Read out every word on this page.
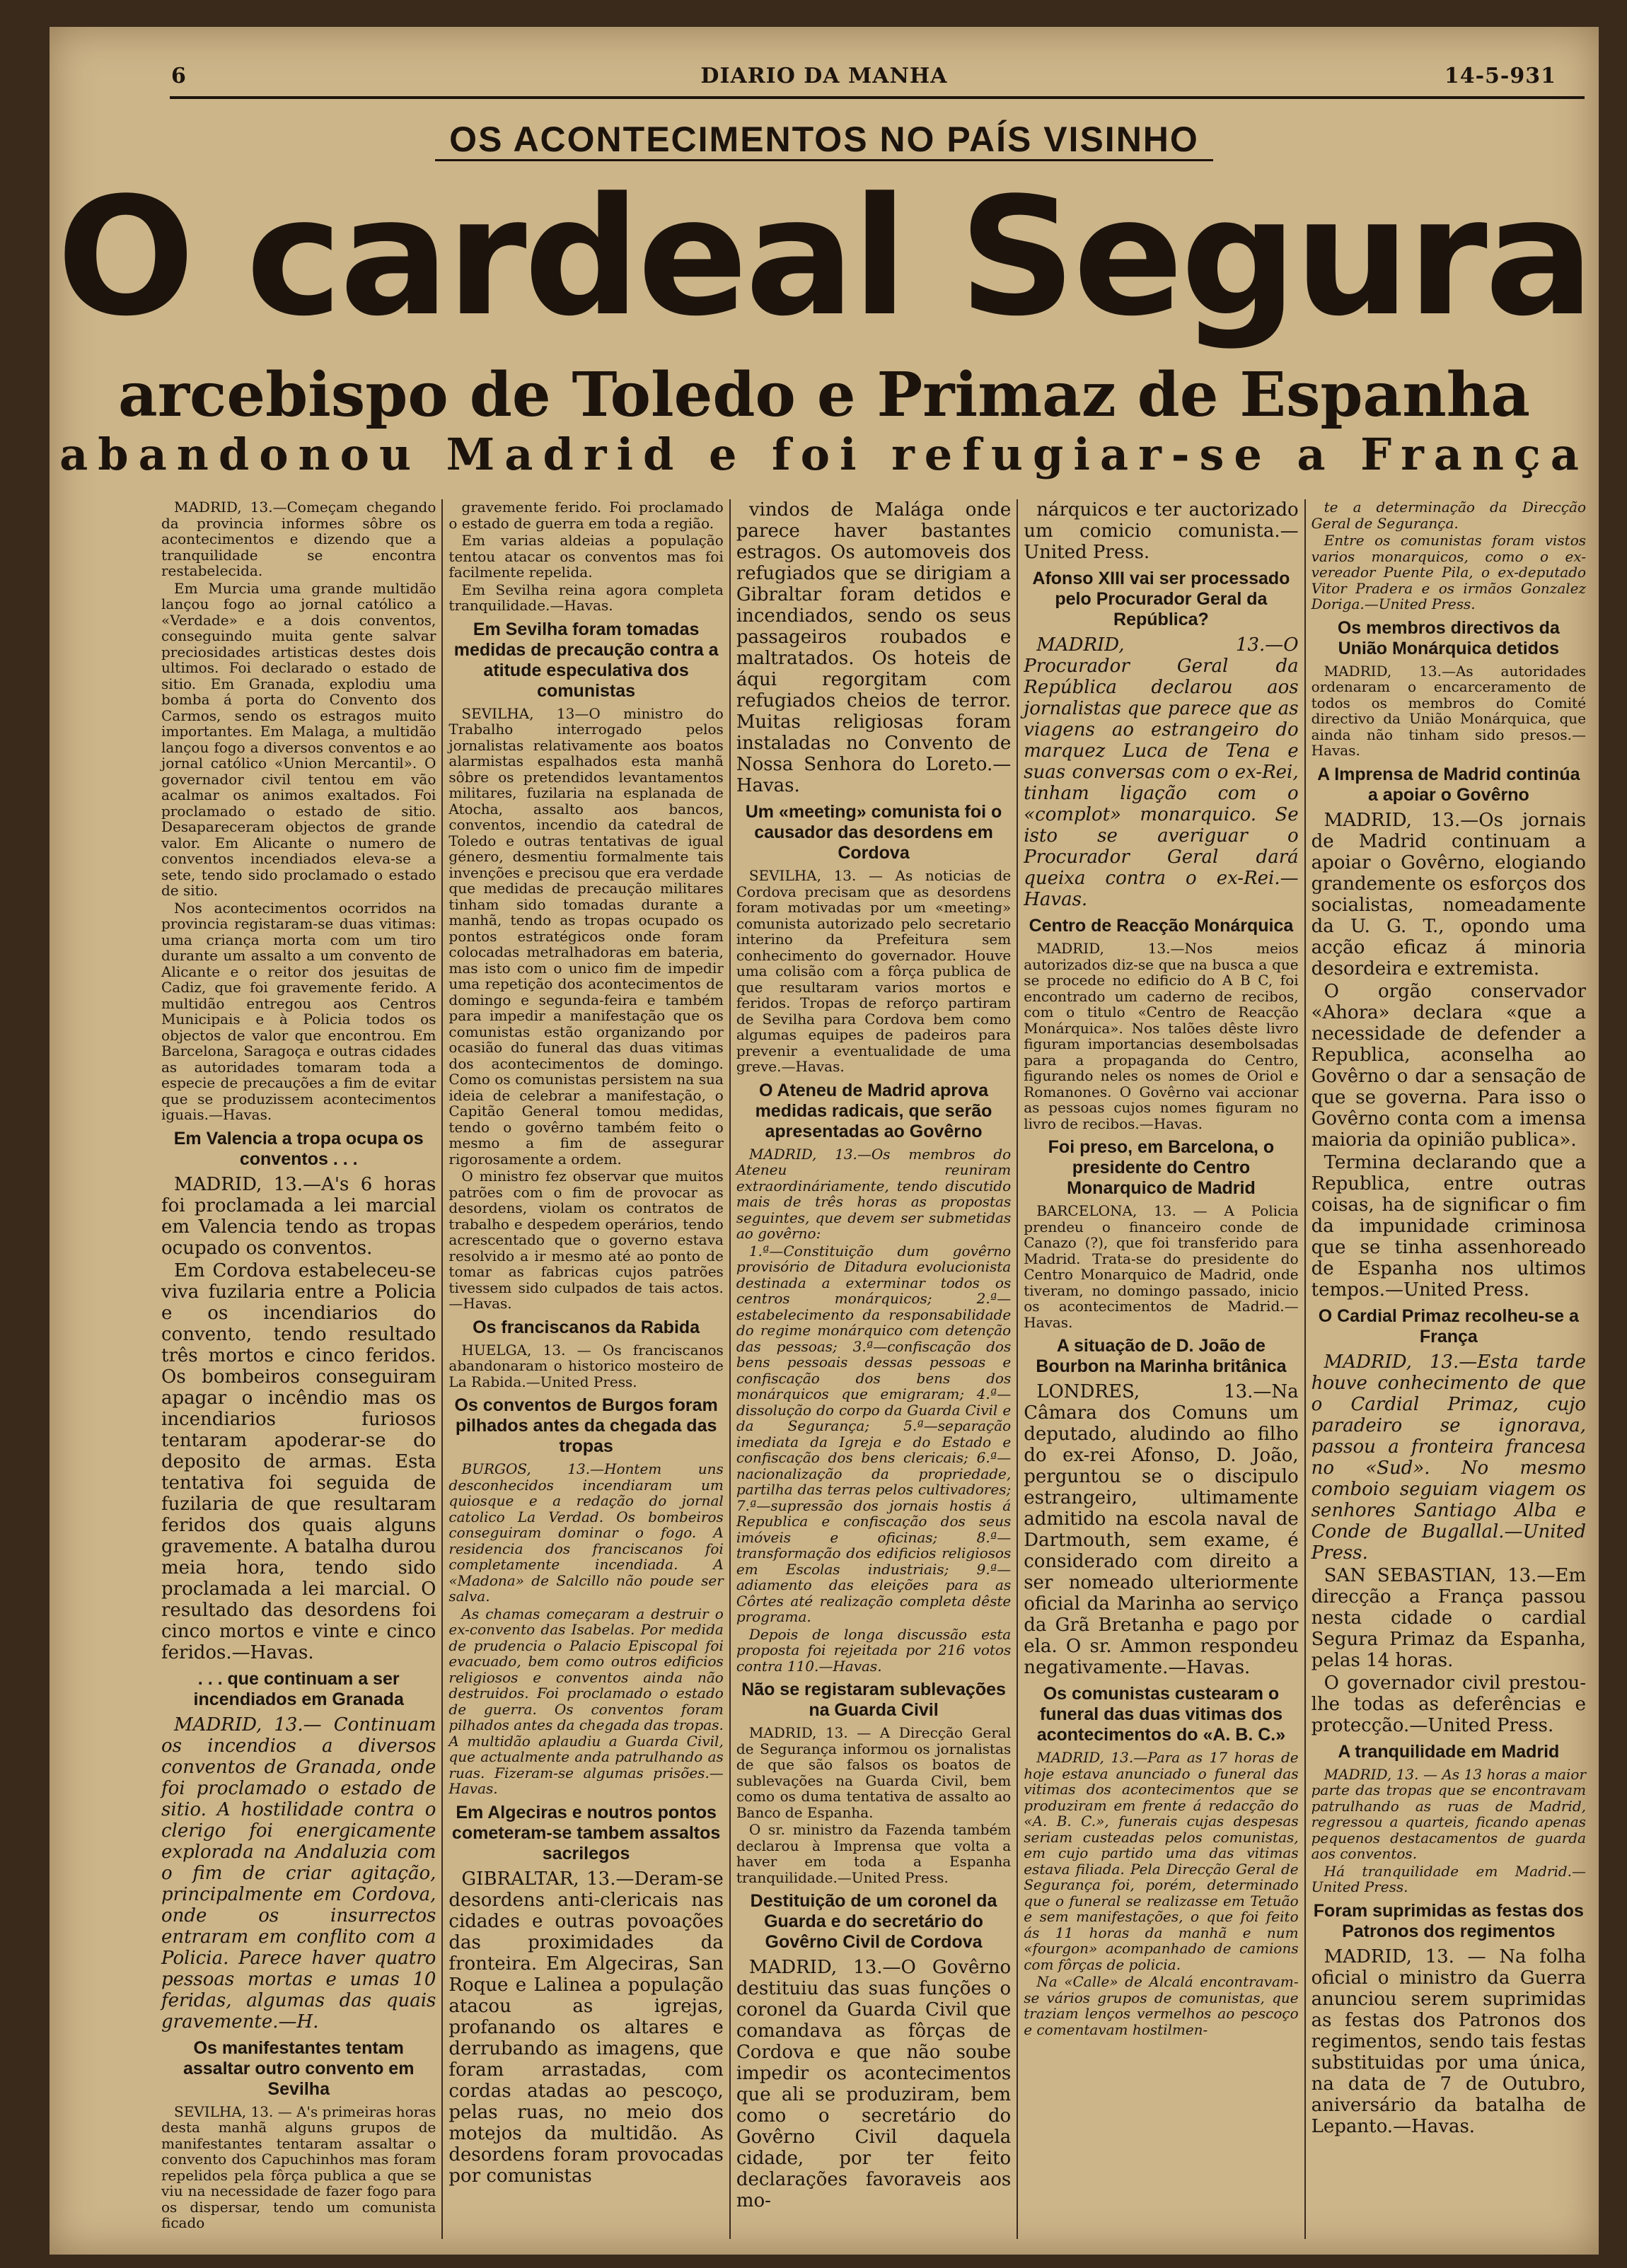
6	DIARIO DA MANHA	14-5-931
OS ACONTECIMENTOS NO PAÍS VISINHO
O cardeal Segura
arcebispo de Toledo e Primaz de Espanha
abandonou Madrid e foi refugiar-se a França

MADRID, 13.—Começam chegando da provincia informes sôbre os acontecimentos e dizendo que a tranquilidade se encontra restabelecida.

Em Murcia uma grande multidão lançou fogo ao jornal católico a «Verdade» e a dois conventos, conseguindo muita gente salvar preciosidades artisticas destes dois ultimos. Foi declarado o estado de sitio. Em Granada, explodiu uma bomba á porta do Convento dos Carmos, sendo os estragos muito importantes. Em Malaga, a multidão lançou fogo a diversos conventos e ao jornal católico «Union Mercantil». O governador civil tentou em vão acalmar os animos exaltados. Foi proclamado o estado de sitio. Desapareceram objectos de grande valor. Em Alicante o numero de conventos incendiados eleva-se a sete, tendo sido proclamado o estado de sitio.

Nos acontecimentos ocorridos na provincia registaram-se duas vitimas: uma criança morta com um tiro durante um assalto a um convento de Alicante e o reitor dos jesuitas de Cadiz, que foi gravemente ferido. A multidão entregou aos Centros Municipais e à Policia todos os objectos de valor que encontrou. Em Barcelona, Saragoça e outras cidades as autoridades tomaram toda a especie de precauções a fim de evitar que se produzissem acontecimentos iguais.—Havas.

Em Valencia a tropa ocupa os conventos . . .

MADRID, 13.—A's 6 horas foi proclamada a lei marcial em Valencia tendo as tropas ocupado os conventos.

Em Cordova estabeleceu-se viva fuzilaria entre a Policia e os incendiarios do convento, tendo resultado três mortos e cinco feridos. Os bombeiros conseguiram apagar o incêndio mas os incendiarios furiosos tentaram apoderar-se do deposito de armas. Esta tentativa foi seguida de fuzilaria de que resultaram feridos dos quais alguns gravemente. A batalha durou meia hora, tendo sido proclamada a lei marcial. O resultado das desordens foi cinco mortos e vinte e cinco feridos.—Havas.

. . . que continuam a ser incendiados em Granada

MADRID, 13.— Continuam os incendios a diversos conventos de Granada, onde foi proclamado o estado de sitio. A hostilidade contra o clerigo foi energicamente explorada na Andaluzia com o fim de criar agitação, principalmente em Cordova, onde os insurrectos entraram em conflito com a Policia. Parece haver quatro pessoas mortas e umas 10 feridas, algumas das quais gravemente.—H.

Os manifestantes tentam assaltar outro convento em Sevilha

SEVILHA, 13. — A's primeiras horas desta manhã alguns grupos de manifestantes tentaram assaltar o convento dos Capuchinhos mas foram repelidos pela fôrça publica a que se viu na necessidade de fazer fogo para os dispersar, tendo um comunista ficado

gravemente ferido. Foi proclamado o estado de guerra em toda a região.

Em varias aldeias a população tentou atacar os conventos mas foi facilmente repelida.

Em Sevilha reina agora completa tranquilidade.—Havas.

Em Sevilha foram tomadas medidas de precaução contra a atitude especulativa dos comunistas

SEVILHA, 13—O ministro do Trabalho interrogado pelos jornalistas relativamente aos boatos alarmistas espalhados esta manhã sôbre os pretendidos levantamentos militares, fuzilaria na esplanada de Atocha, assalto aos bancos, conventos, incendio da catedral de Toledo e outras tentativas de igual género, desmentiu formalmente tais invenções e precisou que era verdade que medidas de precaução militares tinham sido tomadas durante a manhã, tendo as tropas ocupado os pontos estratégicos onde foram colocadas metralhadoras em bateria, mas isto com o unico fim de impedir uma repetição dos acontecimentos de domingo e segunda-feira e também para impedir a manifestação que os comunistas estão organizando por ocasião do funeral das duas vitimas dos acontecimentos de domingo. Como os comunistas persistem na sua ideia de celebrar a manifestação, o Capitão General tomou medidas, tendo o govêrno também feito o mesmo a fim de assegurar rigorosamente a ordem.

O ministro fez observar que muitos patrões com o fim de provocar as desordens, violam os contratos de trabalho e despedem operários, tendo acrescentado que o governo estava resolvido a ir mesmo até ao ponto de tomar as fabricas cujos patrões tivessem sido culpados de tais actos.—Havas.

Os franciscanos da Rabida

HUELGA, 13. — Os franciscanos abandonaram o historico mosteiro de La Rabida.—United Press.

Os conventos de Burgos foram pilhados antes da chegada das tropas

BURGOS, 13.—Hontem uns desconhecidos incendiaram um quiosque e a redação do jornal catolico La Verdad. Os bombeiros conseguiram dominar o fogo. A residencia dos franciscanos foi completamente incendiada. A «Madona» de Salcillo não poude ser salva.

As chamas começaram a destruir o ex-convento das Isabelas. Por medida de prudencia o Palacio Episcopal foi evacuado, bem como outros edificios religiosos e conventos ainda não destruidos. Foi proclamado o estado de guerra. Os conventos foram pilhados antes da chegada das tropas. A multidão aplaudiu a Guarda Civil, que actualmente anda patrulhando as ruas. Fizeram-se algumas prisões.—Havas.

Em Algeciras e noutros pontos cometeram-se tambem assaltos sacrilegos

GIBRALTAR, 13.—Deram-se desordens anti-clericais nas cidades e outras povoações das proximidades da fronteira. Em Algeciras, San Roque e Lalinea a população atacou as igrejas, profanando os altares e derrubando as imagens, que foram arrastadas, com cordas atadas ao pescoço, pelas ruas, no meio dos motejos da multidão. As desordens foram provocadas por comunistas

vindos de Malága onde parece haver bastantes estragos. Os automoveis dos refugiados que se dirigiam a Gibraltar foram detidos e incendiados, sendo os seus passageiros roubados e maltratados. Os hoteis de áqui regorgitam com refugiados cheios de terror. Muitas religiosas foram instaladas no Convento de Nossa Senhora do Loreto.—Havas.

Um «meeting» comunista foi o causador das desordens em Cordova

SEVILHA, 13. — As noticias de Cordova precisam que as desordens foram motivadas por um «meeting» comunista autorizado pelo secretario interino da Prefeitura sem conhecimento do governador. Houve uma colisão com a fôrça publica de que resultaram varios mortos e feridos. Tropas de reforço partiram de Sevilha para Cordova bem como algumas equipes de padeiros para prevenir a eventualidade de uma greve.—Havas.

O Ateneu de Madrid aprova medidas radicais, que serão apresentadas ao Govêrno

MADRID, 13.—Os membros do Ateneu reuniram extraordináriamente, tendo discutido mais de três horas as propostas seguintes, que devem ser submetidas ao govêrno:

1.ª—Constituição dum govêrno provisório de Ditadura evolucionista destinada a exterminar todos os centros monárquicos; 2.ª—estabelecimento da responsabilidade do regime monárquico com detenção das pessoas; 3.ª—confiscação dos bens pessoais dessas pessoas e confiscação dos bens dos monárquicos que emigraram; 4.ª—dissolução do corpo da Guarda Civil e da Segurança; 5.ª—separação imediata da Igreja e do Estado e confiscação dos bens clericais; 6.ª—nacionalização da propriedade, partilha das terras pelos cultivadores; 7.ª—supressão dos jornais hostis á Republica e confiscação dos seus imóveis e oficinas; 8.ª—transformação dos edificios religiosos em Escolas industriais; 9.ª—adiamento das eleições para as Côrtes até realização completa dêste programa.

Depois de longa discussão esta proposta foi rejeitada por 216 votos contra 110.—Havas.

Não se registaram sublevações na Guarda Civil

MADRID, 13. — A Direcção Geral de Segurança informou os jornalistas de que são falsos os boatos de sublevações na Guarda Civil, bem como os duma tentativa de assalto ao Banco de Espanha.

O sr. ministro da Fazenda também declarou à Imprensa que volta a haver em toda a Espanha tranquilidade.—United Press.

Destituição de um coronel da Guarda e do secretário do Govêrno Civil de Cordova

MADRID, 13.—O Govêrno destituiu das suas funções o coronel da Guarda Civil que comandava as fôrças de Cordova e que não soube impedir os acontecimentos que ali se produziram, bem como o secretário do Govêrno Civil daquela cidade, por ter feito declarações favoraveis aos mo-

nárquicos e ter auctorizado um comicio comunista.—United Press.

Afonso XIII vai ser processado pelo Procurador Geral da República?

MADRID, 13.—O Procurador Geral da República declarou aos jornalistas que parece que as viagens ao estrangeiro do marquez Luca de Tena e suas conversas com o ex-Rei, tinham ligação com o «complot» monarquico. Se isto se averiguar o Procurador Geral dará queixa contra o ex-Rei.—Havas.

Centro de Reacção Monárquica

MADRID, 13.—Nos meios autorizados diz-se que na busca a que se procede no edificio do A B C, foi encontrado um caderno de recibos, com o titulo «Centro de Reacção Monárquica». Nos talões dêste livro figuram importancias desembolsadas para a propaganda do Centro, figurando neles os nomes de Oriol e Romanones. O Govêrno vai accionar as pessoas cujos nomes figuram no livro de recibos.—Havas.

Foi preso, em Barcelona, o presidente do Centro Monarquico de Madrid

BARCELONA, 13. — A Policia prendeu o financeiro conde de Canazo (?), que foi transferido para Madrid. Trata-se do presidente do Centro Monarquico de Madrid, onde tiveram, no domingo passado, inicio os acontecimentos de Madrid.—Havas.

A situação de D. João de Bourbon na Marinha britânica

LONDRES, 13.—Na Câmara dos Comuns um deputado, aludindo ao filho do ex-rei Afonso, D. João, perguntou se o discipulo estrangeiro, ultimamente admitido na escola naval de Dartmouth, sem exame, é considerado com direito a ser nomeado ulteriormente oficial da Marinha ao serviço da Grã Bretanha e pago por ela. O sr. Ammon respondeu negativamente.—Havas.

Os comunistas custearam o funeral das duas vitimas dos acontecimentos do «A. B. C.»

MADRID, 13.—Para as 17 horas de hoje estava anunciado o funeral das vitimas dos acontecimentos que se produziram em frente á redacção do «A. B. C.», funerais cujas despesas seriam custeadas pelos comunistas, em cujo partido uma das vitimas estava filiada. Pela Direcção Geral de Segurança foi, porém, determinado que o funeral se realizasse em Tetuão e sem manifestações, o que foi feito ás 11 horas da manhã e num «fourgon» acompanhado de camions com fôrças de policia.

Na «Calle» de Alcalá encontravam-se vários grupos de comunistas, que traziam lenços vermelhos ao pescoço e comentavam hostilmen-

te a determinação da Direcção Geral de Segurança.

Entre os comunistas foram vistos varios monarquicos, como o ex-vereador Puente Pila, o ex-deputado Vitor Pradera e os irmãos Gonzalez Doriga.—United Press.

Os membros directivos da União Monárquica detidos

MADRID, 13.—As autoridades ordenaram o encarceramento de todos os membros do Comité directivo da União Monárquica, que ainda não tinham sido presos.—Havas.

A Imprensa de Madrid continúa a apoiar o Govêrno

MADRID, 13.—Os jornais de Madrid continuam a apoiar o Govêrno, elogiando grandemente os esforços dos socialistas, nomeadamente da U. G. T., opondo uma acção eficaz á minoria desordeira e extremista.

O orgão conservador «Ahora» declara «que a necessidade de defender a Republica, aconselha ao Govêrno o dar a sensação de que se governa. Para isso o Govêrno conta com a imensa maioria da opinião publica».

Termina declarando que a Republica, entre outras coisas, ha de significar o fim da impunidade criminosa que se tinha assenhoreado de Espanha nos ultimos tempos.—United Press.

O Cardial Primaz recolheu-se a França

MADRID, 13.—Esta tarde houve conhecimento de que o Cardial Primaz, cujo paradeiro se ignorava, passou a fronteira francesa no «Sud». No mesmo comboio seguiam viagem os senhores Santiago Alba e Conde de Bugallal.—United Press.

SAN SEBASTIAN, 13.—Em direcção a França passou nesta cidade o cardial Segura Primaz da Espanha, pelas 14 horas.

O governador civil prestou-lhe todas as deferências e protecção.—United Press.

A tranquilidade em Madrid

MADRID, 13. — As 13 horas a maior parte das tropas que se encontravam patrulhando as ruas de Madrid, regressou a quarteis, ficando apenas pequenos destacamentos de guarda aos conventos.

Há tranquilidade em Madrid.—United Press.

Foram suprimidas as festas dos Patronos dos regimentos

MADRID, 13. — Na folha oficial o ministro da Guerra anunciou serem suprimidas as festas dos Patronos dos regimentos, sendo tais festas substituidas por uma única, na data de 7 de Outubro, aniversário da batalha de Lepanto.—Havas.
